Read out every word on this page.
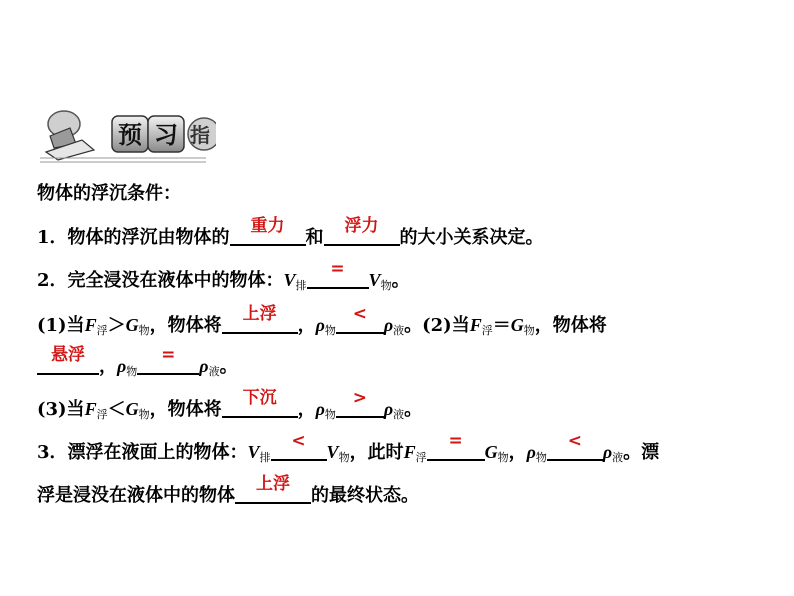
预 习 指
物体的浮沉条件：
1．物体的浮沉由物体的
重力
和
浮力
的大小关系决定。
2．完全浸没在液体中的物体：$V_排$
=
$V_物$。
(1)当$F_浮>G_物$，物体将
上浮
，$\rho_物$
<
$\rho_液$。(2)当$F_浮=G_物$，物体将
悬浮
，$\rho_物$
=
$\rho_液$。
(3)当$F_浮<G_物$，物体将
下沉
，$\rho_物$
>
$\rho_液$。
3．漂浮在液面上的物体：$V_排$
<
$V_物$，此时$F_浮$
=
$G_物$，$\rho_物$
<
$\rho_液$。漂
浮是浸没在液体中的物体
上浮
的最终状态。
